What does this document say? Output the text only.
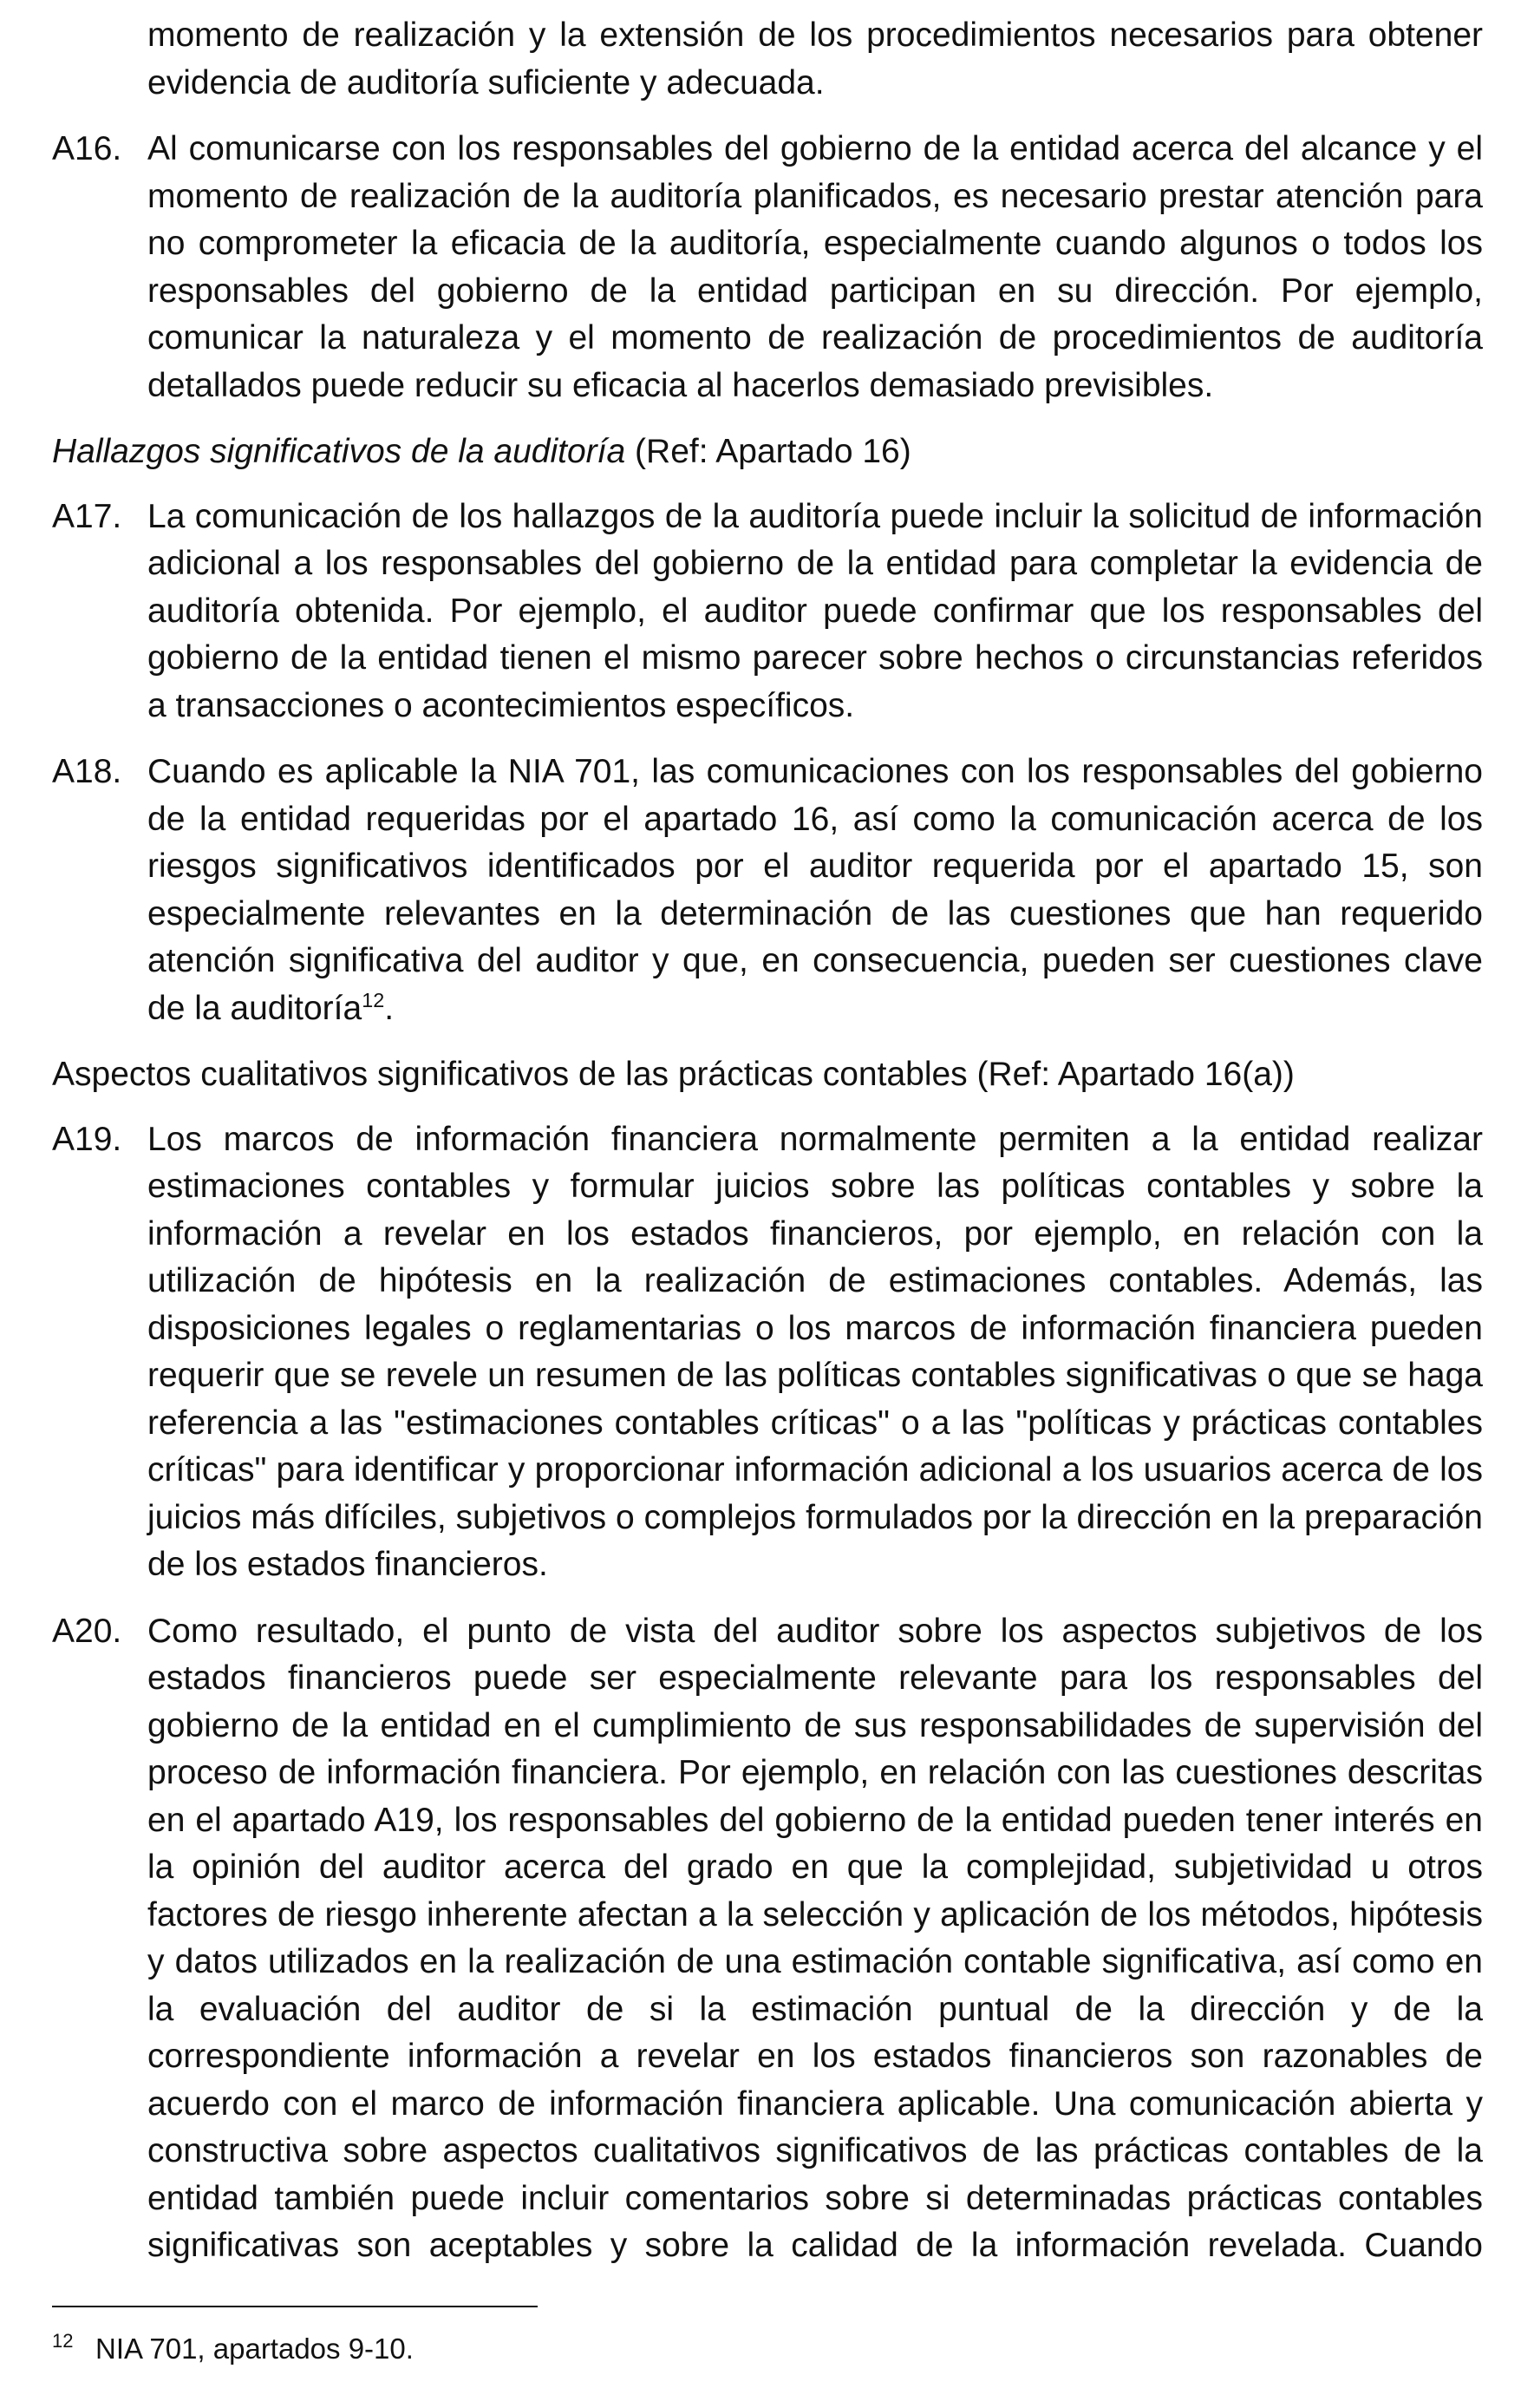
momento de realización y la extensión de los procedimientos necesarios para obtener evidencia de auditoría suficiente y adecuada.
A16. Al comunicarse con los responsables del gobierno de la entidad acerca del alcance y el momento de realización de la auditoría planificados, es necesario prestar atención para no comprometer la eficacia de la auditoría, especialmente cuando algunos o todos los responsables del gobierno de la entidad participan en su dirección. Por ejemplo, comunicar la naturaleza y el momento de realización de procedimientos de auditoría detallados puede reducir su eficacia al hacerlos demasiado previsibles.
Hallazgos significativos de la auditoría (Ref: Apartado 16)
A17. La comunicación de los hallazgos de la auditoría puede incluir la solicitud de información adicional a los responsables del gobierno de la entidad para completar la evidencia de auditoría obtenida. Por ejemplo, el auditor puede confirmar que los responsables del gobierno de la entidad tienen el mismo parecer sobre hechos o circunstancias referidos a transacciones o acontecimientos específicos.
A18. Cuando es aplicable la NIA 701, las comunicaciones con los responsables del gobierno de la entidad requeridas por el apartado 16, así como la comunicación acerca de los riesgos significativos identificados por el auditor requerida por el apartado 15, son especialmente relevantes en la determinación de las cuestiones que han requerido atención significativa del auditor y que, en consecuencia, pueden ser cuestiones clave de la auditoría$^{12}$.
Aspectos cualitativos significativos de las prácticas contables (Ref: Apartado 16(a))
A19. Los marcos de información financiera normalmente permiten a la entidad realizar estimaciones contables y formular juicios sobre las políticas contables y sobre la información a revelar en los estados financieros, por ejemplo, en relación con la utilización de hipótesis en la realización de estimaciones contables. Además, las disposiciones legales o reglamentarias o los marcos de información financiera pueden requerir que se revele un resumen de las políticas contables significativas o que se haga referencia a las "estimaciones contables críticas" o a las "políticas y prácticas contables críticas" para identificar y proporcionar información adicional a los usuarios acerca de los juicios más difíciles, subjetivos o complejos formulados por la dirección en la preparación de los estados financieros.
A20. Como resultado, el punto de vista del auditor sobre los aspectos subjetivos de los estados financieros puede ser especialmente relevante para los responsables del gobierno de la entidad en el cumplimiento de sus responsabilidades de supervisión del proceso de información financiera. Por ejemplo, en relación con las cuestiones descritas en el apartado A19, los responsables del gobierno de la entidad pueden tener interés en la opinión del auditor acerca del grado en que la complejidad, subjetividad u otros factores de riesgo inherente afectan a la selección y aplicación de los métodos, hipótesis y datos utilizados en la realización de una estimación contable significativa, así como en la evaluación del auditor de si la estimación puntual de la dirección y de la correspondiente información a revelar en los estados financieros son razonables de acuerdo con el marco de información financiera aplicable. Una comunicación abierta y constructiva sobre aspectos cualitativos significativos de las prácticas contables de la entidad también puede incluir comentarios sobre si determinadas prácticas contables significativas son aceptables y sobre la calidad de la información revelada. Cuando
12 NIA 701, apartados 9-10.
